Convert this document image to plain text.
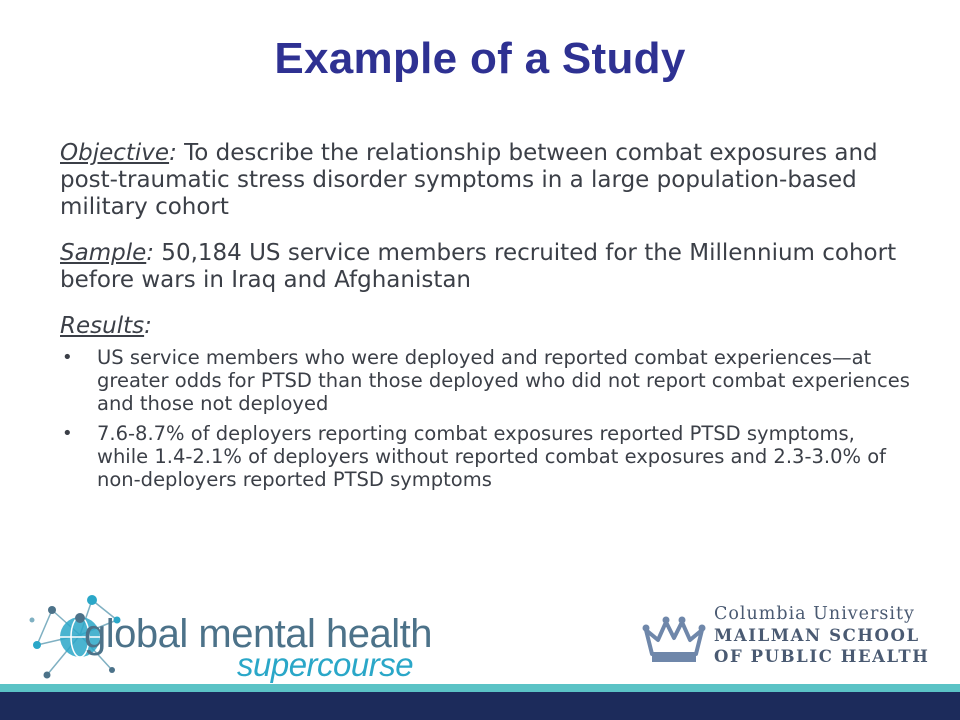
Example of a Study

Objective: To describe the relationship between combat exposures and post-traumatic stress disorder symptoms in a large population-based military cohort

Sample: 50,184 US service members recruited for the Millennium cohort before wars in Iraq and Afghanistan

Results:

• US service members who were deployed and reported combat experiences—at greater odds for PTSD than those deployed who did not report combat experiences and those not deployed
• 7.6-8.7% of deployers reporting combat exposures reported PTSD symptoms, while 1.4-2.1% of deployers without reported combat exposures and 2.3-3.0% of non-deployers reported PTSD symptoms
global mental health
supercourse
Columbia University
MAILMAN SCHOOL
OF PUBLIC HEALTH
